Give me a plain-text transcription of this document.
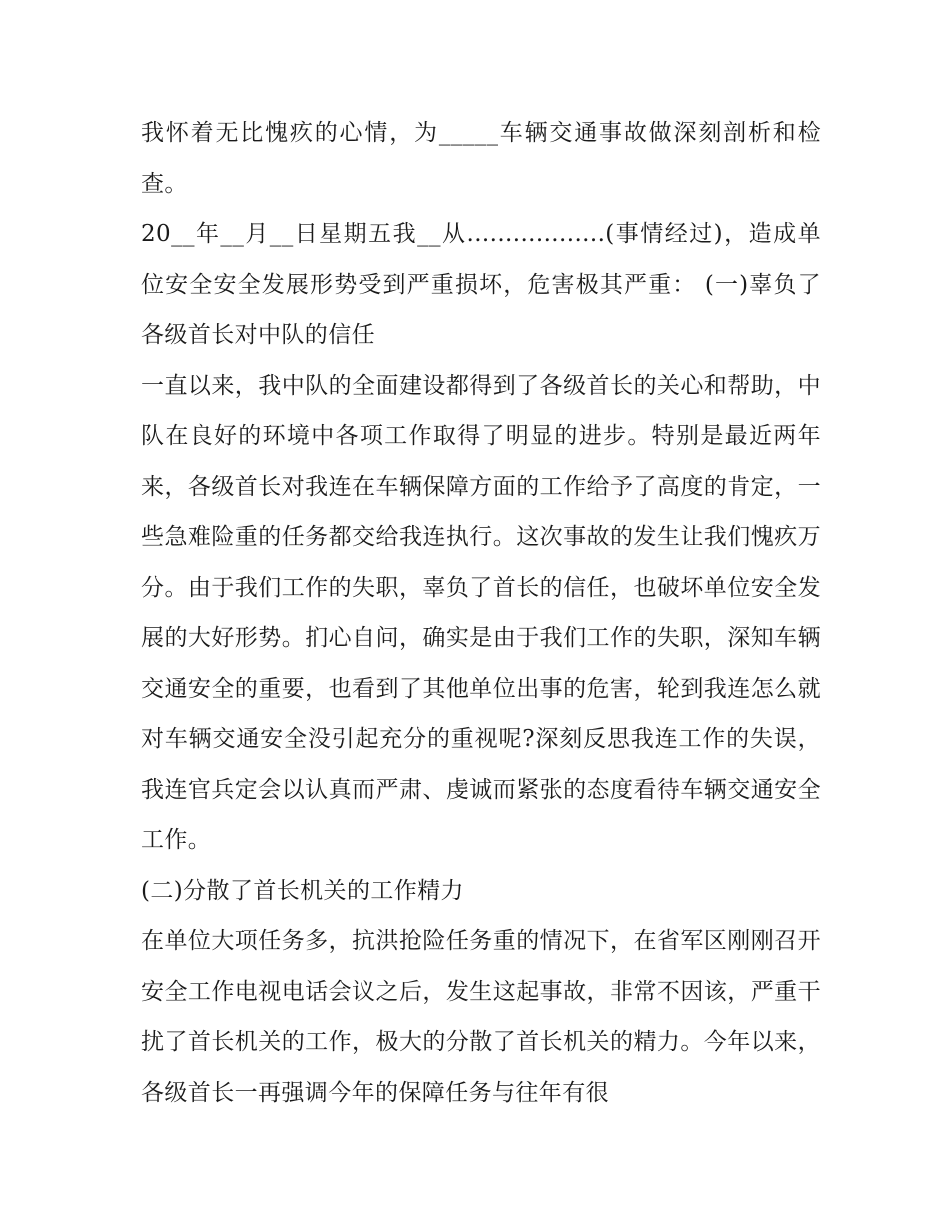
我怀着无比愧疚的心情，为_____车辆交通事故做深刻剖析和检查。

20__年__月__日星期五我__从..................(事情经过)，造成单位安全安全发展形势受到严重损坏，危害极其严重： (一)辜负了各级首长对中队的信任

一直以来，我中队的全面建设都得到了各级首长的关心和帮助，中队在良好的环境中各项工作取得了明显的进步。特别是最近两年来，各级首长对我连在车辆保障方面的工作给予了高度的肯定，一些急难险重的任务都交给我连执行。这次事故的发生让我们愧疚万分。由于我们工作的失职，辜负了首长的信任，也破坏单位安全发展的大好形势。扪心自问，确实是由于我们工作的失职，深知车辆交通安全的重要，也看到了其他单位出事的危害，轮到我连怎么就对车辆交通安全没引起充分的重视呢?深刻反思我连工作的失误，我连官兵定会以认真而严肃、虔诚而紧张的态度看待车辆交通安全工作。

(二)分散了首长机关的工作精力

在单位大项任务多，抗洪抢险任务重的情况下，在省军区刚刚召开安全工作电视电话会议之后，发生这起事故，非常不因该，严重干扰了首长机关的工作，极大的分散了首长机关的精力。今年以来，各级首长一再强调今年的保障任务与往年有很
